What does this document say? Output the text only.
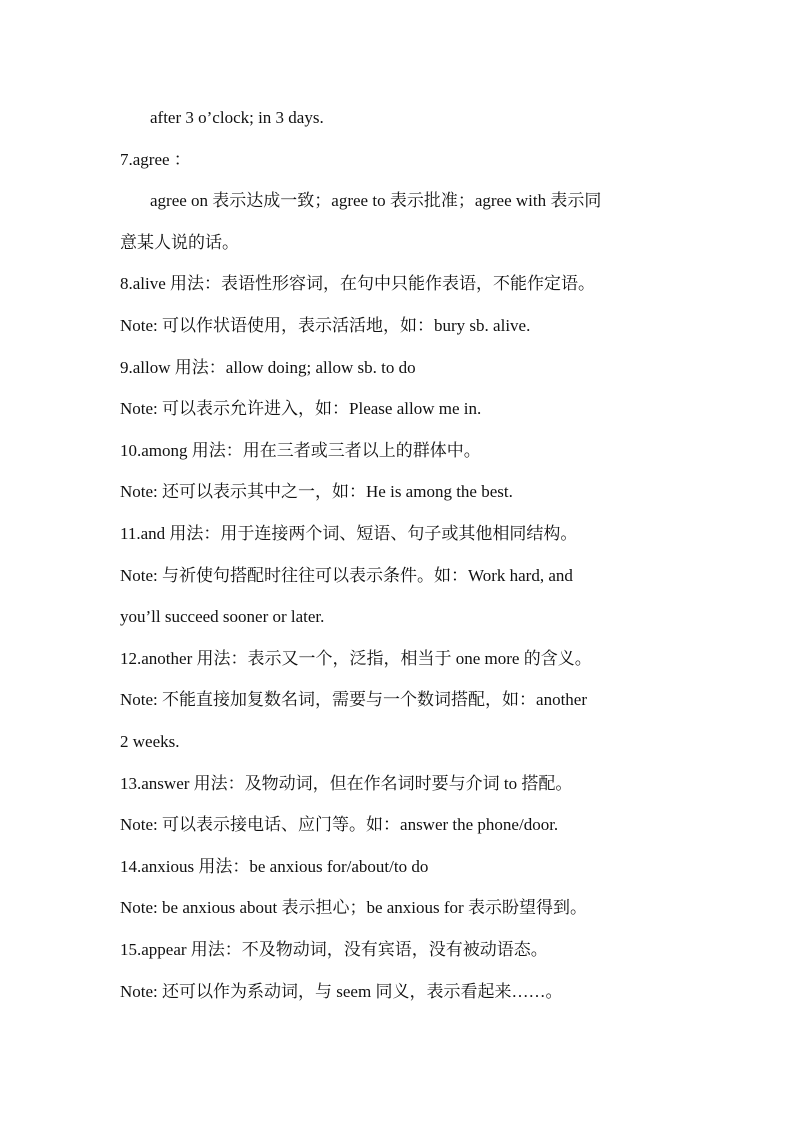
after 3 o’clock; in 3 days.
7.agree ：
agree on 表示达成一致；agree to 表示批准；agree with 表示同
意某人说的话。
8.alive 用法：表语性形容词，在句中只能作表语，不能作定语。
Note: 可以作状语使用，表示活活地，如：bury sb. alive.
9.allow 用法：allow doing; allow sb. to do
Note: 可以表示允许进入，如：Please allow me in.
10.among 用法：用在三者或三者以上的群体中。
Note: 还可以表示其中之一，如：He is among the best.
11.and 用法：用于连接两个词、短语、句子或其他相同结构。
Note: 与祈使句搭配时往往可以表示条件。如：Work hard, and
you’ll succeed sooner or later.
12.another 用法：表示又一个，泛指，相当于 one more 的含义。
Note: 不能直接加复数名词，需要与一个数词搭配，如：another
2 weeks.
13.answer 用法：及物动词，但在作名词时要与介词 to 搭配。
Note: 可以表示接电话、应门等。如：answer the phone/door.
14.anxious 用法：be anxious for/about/to do
Note: be anxious about 表示担心；be anxious for 表示盼望得到。
15.appear 用法：不及物动词，没有宾语，没有被动语态。
Note: 还可以作为系动词，与 seem 同义，表示看起来……。
